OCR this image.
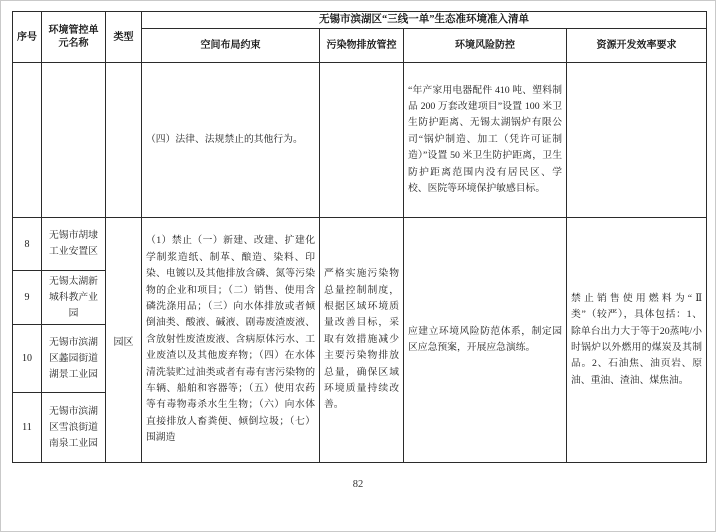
序号	环境管控单元名称	类型	无锡市滨湖区“三线一单”生态准环境准入清单			
			空间布局约束	污染物排放管控	环境风险防控	资源开发效率要求
			（四）法律、法规禁止的其他行为。		“年产家用电器配件 410 吨、塑料制品 200 万套改建项目”设置 100 米卫生防护距离、无锡太湖锅炉有限公司“锅炉制造、加工（凭许可证制造）”设置 50 米卫生防护距离，卫生防护距离范围内没有居民区、学校、医院等环境保护敏感目标。	
8	无锡市胡埭工业安置区	园区	（1）禁止（一）新建、改建、扩建化学制浆造纸、制革、酿造、染料、印染、电镀以及其他排放含磷、氮等污染物的企业和项目；（二）销售、使用含磷洗涤用品；（三）向水体排放或者倾倒油类、酸液、碱液、剧毒废渣废液、含放射性废渣废液、含病原体污水、工业废渣以及其他废弃物；（四）在水体清洗装贮过油类或者有毒有害污染物的车辆、船舶和容器等；（五）使用农药等有毒物毒杀水生生物；（六）向水体直接排放人畜粪便、倾倒垃圾；（七）围湖造	严格实施污染物总量控制制度，根据区域环境质量改善目标，采取有效措施减少主要污染物排放总量，确保区域环境质量持续改善。	应建立环境风险防范体系，制定园区应急预案，开展应急演练。	禁止销售使用燃料为“Ⅱ类”（较严），具体包括：1、除单台出力大于等于20蒸吨/小时锅炉以外燃用的煤炭及其制品。2、石油焦、油页岩、原油、重油、渣油、煤焦油。
9	无锡太湖新城科教产业园					
10	无锡市滨湖区蠡园街道湖景工业园					
11	无锡市滨湖区雪浪街道南泉工业园					
82
